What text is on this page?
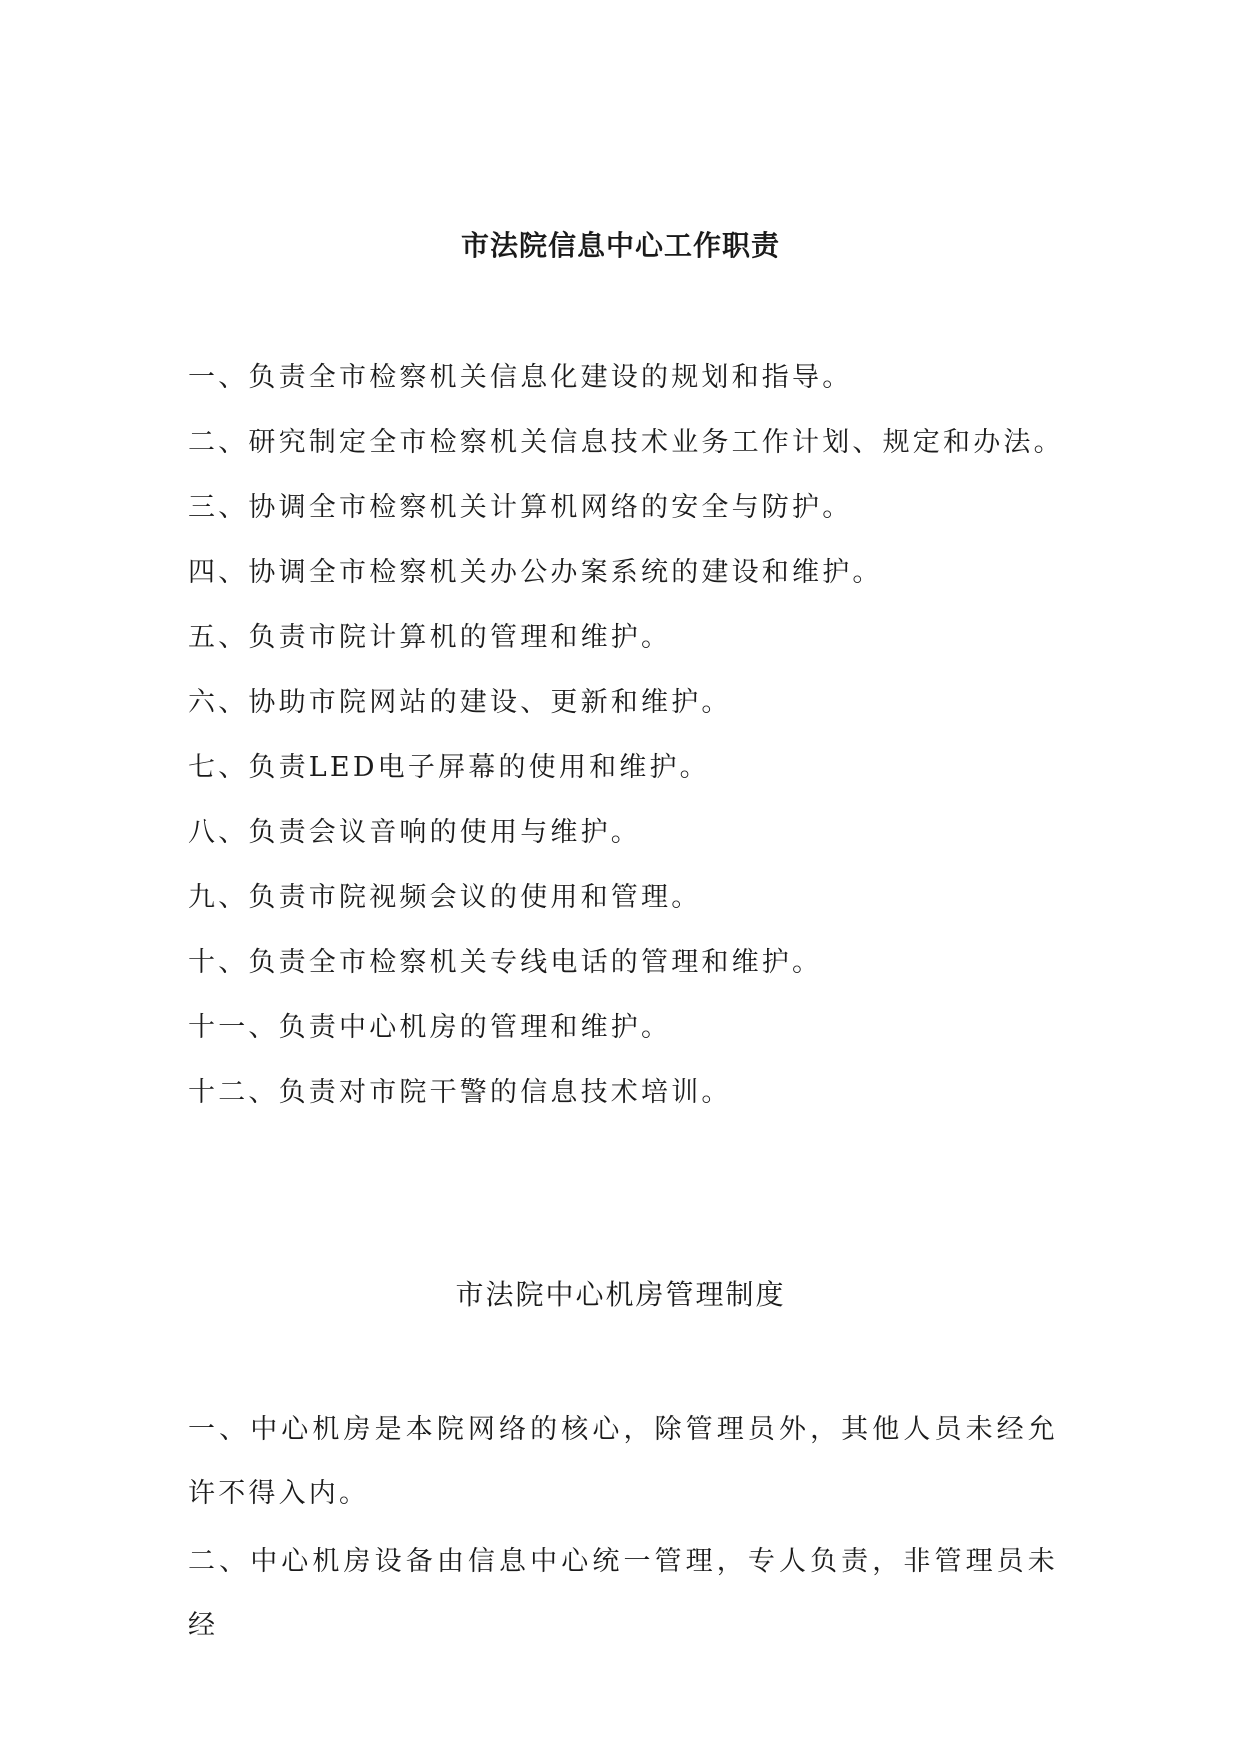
市法院信息中心工作职责
一、负责全市检察机关信息化建设的规划和指导。
二、研究制定全市检察机关信息技术业务工作计划、规定和办法。
三、协调全市检察机关计算机网络的安全与防护。
四、协调全市检察机关办公办案系统的建设和维护。
五、负责市院计算机的管理和维护。
六、协助市院网站的建设、更新和维护。
七、负责LED电子屏幕的使用和维护。
八、负责会议音响的使用与维护。
九、负责市院视频会议的使用和管理。
十、负责全市检察机关专线电话的管理和维护。
十一、负责中心机房的管理和维护。
十二、负责对市院干警的信息技术培训。
市法院中心机房管理制度
一、中心机房是本院网络的核心，除管理员外，其他人员未经允许不得入内。
二、中心机房设备由信息中心统一管理，专人负责，非管理员未经
